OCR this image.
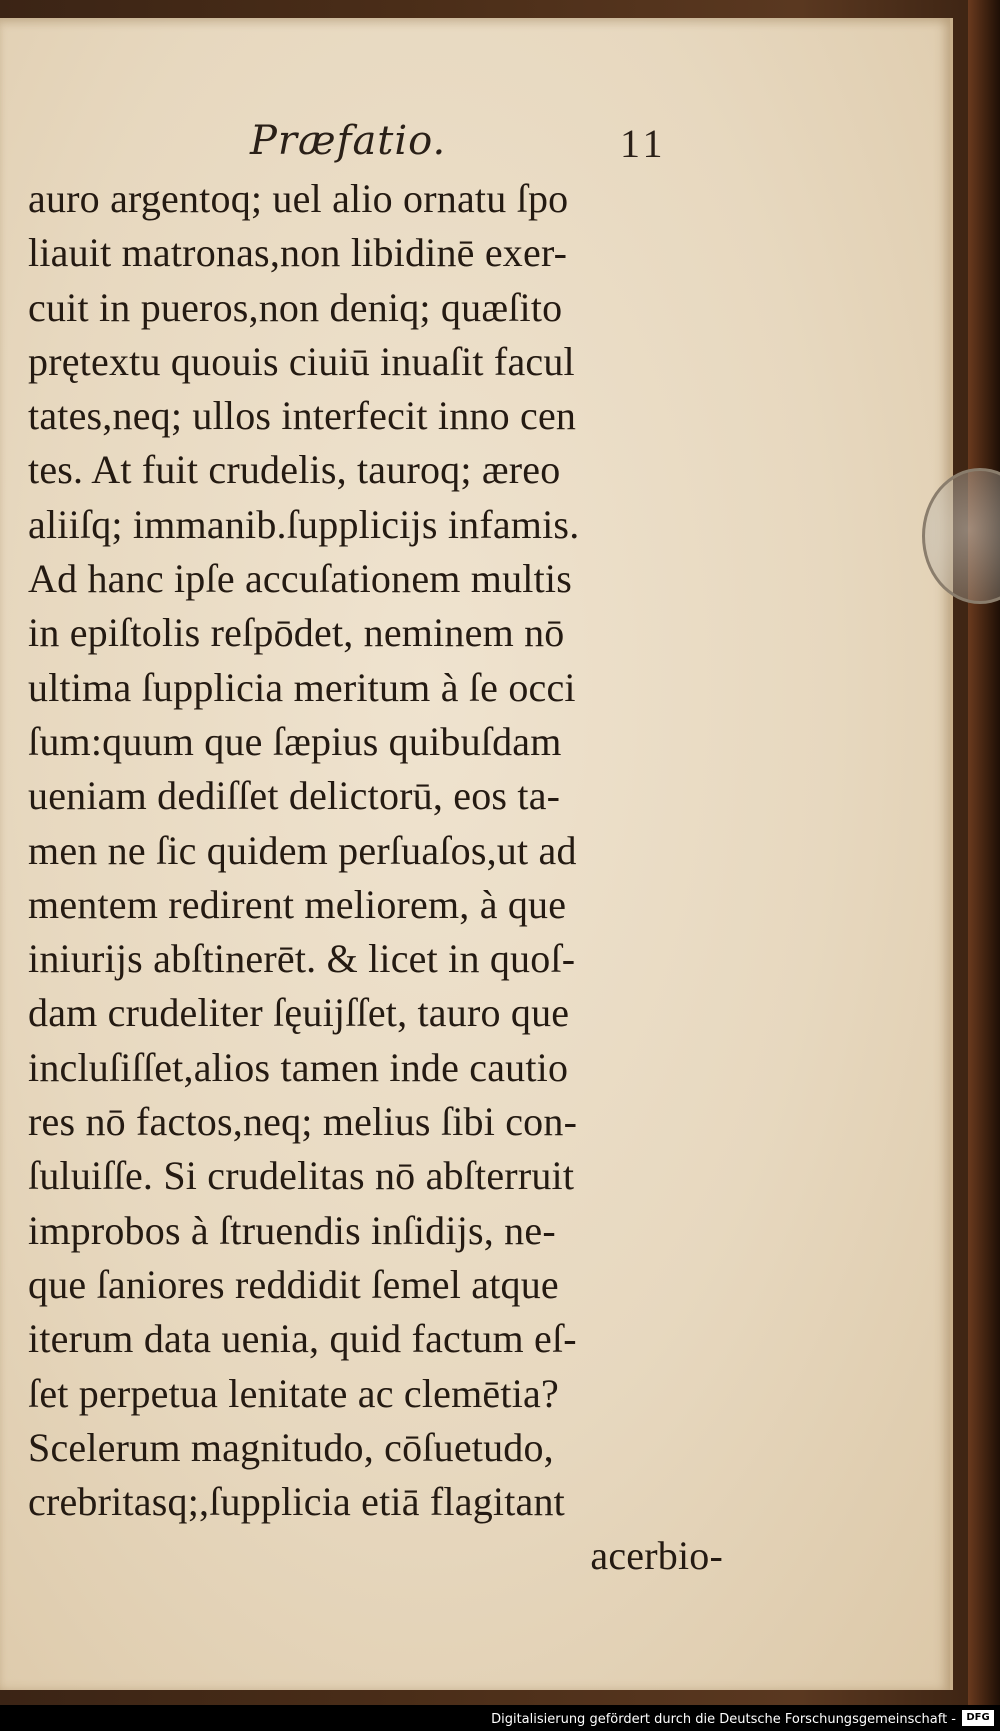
Præfatio.	11
auro argentoq; uel alio ornatu ſpo
liauit matronas,non libidinē exer-
cuit in pueros,non deniq; quæſito
prętextu quouis ciuiū inuaſit facul
tates,neq; ullos interfecit inno cen
tes. At fuit crudelis, tauroq; æreo
aliiſq; immanib.ſupplicijs infamis.
Ad hanc ipſe accuſationem multis
in epiſtolis reſpōdet, neminem nō
ultima ſupplicia meritum à ſe occi
ſum:quum que ſæpius quibuſdam
ueniam dediſſet delictorū, eos ta-
men ne ſic quidem perſuaſos,ut ad
mentem redirent meliorem, à que
iniurijs abſtinerēt. & licet in quoſ-
dam crudeliter ſęuijſſet, tauro que
incluſiſſet,alios tamen inde cautio
res nō factos,neq; melius ſibi con-
ſuluiſſe. Si crudelitas nō abſterruit
improbos à ſtruendis inſidijs, ne-
que ſaniores reddidit ſemel atque
iterum data uenia, quid factum eſ-
ſet perpetua lenitate ac clemētia?
Scelerum magnitudo, cōſuetudo,
crebritasq;,ſupplicia etiā flagitant
acerbio-
Digitalisierung gefördert durch die Deutsche Forschungsgemeinschaft -	DFG
